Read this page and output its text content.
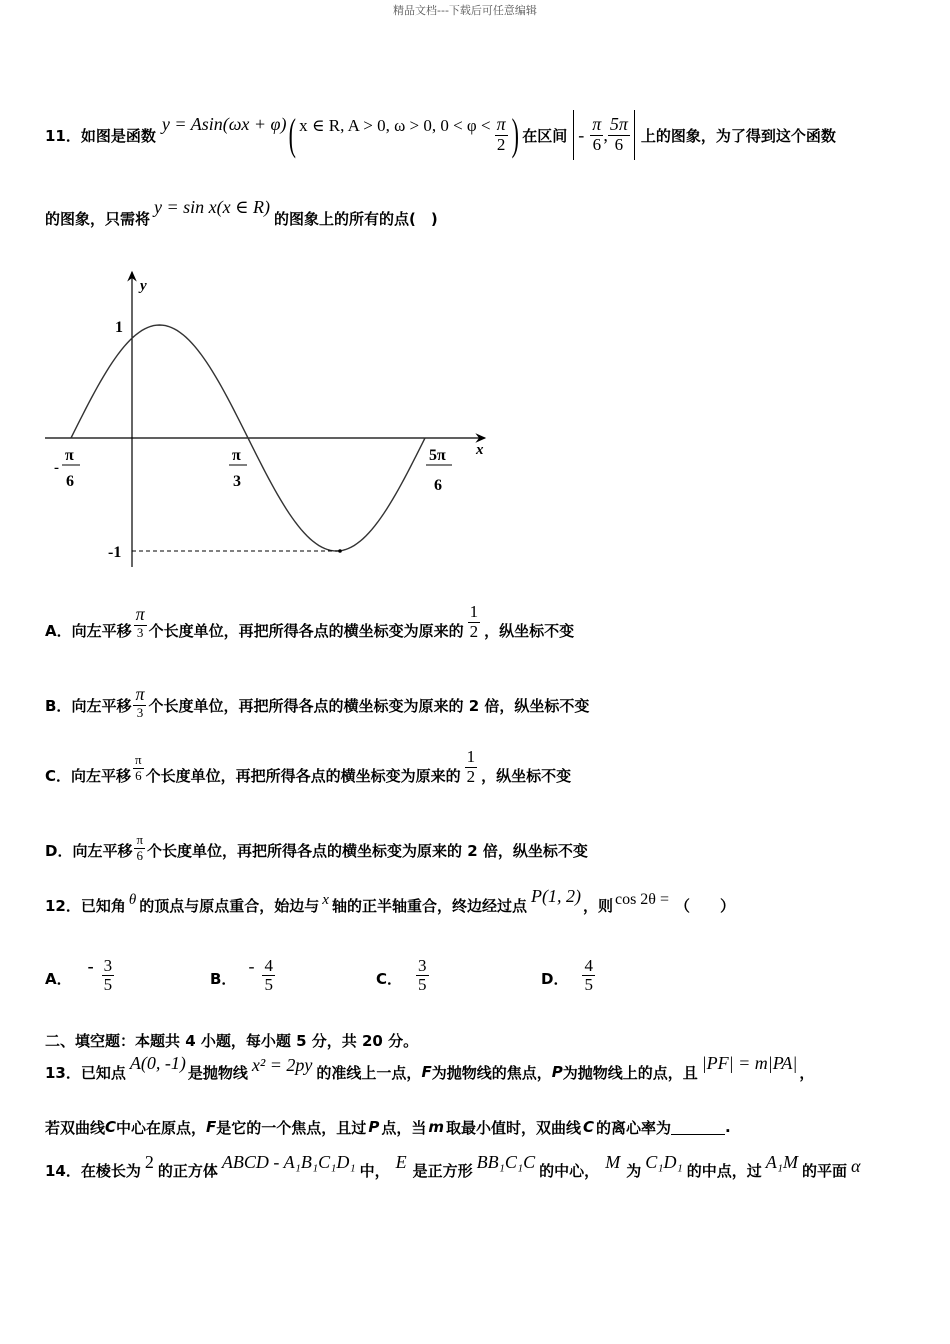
精品文档---下载后可任意编辑
11． 如图是函数
y = Asin(ωx + φ) ( x ∈ R, A > 0, ω > 0, $0 < \varphi < \frac{\pi}{2}$ ) 在区间 - $\frac{\pi}{6}$ , $\frac{5\pi}{6}$ 上的图象，为了得到这个函数
的图象，只需将
y = sin x(x ∈ R)
的图象上的所有的点(　)
y
x
1
-1
-
π
6
π
3
5π
6
A． 向左平移 $\frac{\pi}{3}$ 个长度单位，再把所得各点的横坐标变为原来的 $\frac{1}{2}$ ，纵坐标不变
B． 向左平移 $\frac{\pi}{3}$ 个长度单位，再把所得各点的横坐标变为原来的 2 倍，纵坐标不变
C． 向左平移 $\frac{\pi}{6}$ 个长度单位，再把所得各点的横坐标变为原来的 $\frac{1}{2}$ ，纵坐标不变
D． 向左平移 $\frac{\pi}{6}$ 个长度单位，再把所得各点的横坐标变为原来的 2 倍，纵坐标不变
12． 已知角 θ 的顶点与原点重合，始边与 x 轴的正半轴重合，终边经过点 P(1, 2) ，则 cos 2θ = （　　）
A．
- $\frac{3}{5}$	B．
- $\frac{4}{5}$	C． $\frac{3}{5}$	D． $\frac{4}{5}$
二、填空题：本题共 4 小题，每小题 5 分，共 20 分。
13． 已知点 A(0, -1) 是抛物线 x² = 2py 的准线上一点， F 为抛物线的焦点， P 为抛物线上的点，且 |PF| = m|PA| ，
若双曲线 C 中心在原点， F 是它的一个焦点，且过 P 点，当 m 取最小值时，双曲线 C 的离心率为	.
14． 在棱长为 2 的正方体 ABCD - A₁B₁C₁D₁ 中， E 是正方形 BB₁C₁C 的中心， M 为 C₁D₁ 的中点，过 A₁M 的平面 α
